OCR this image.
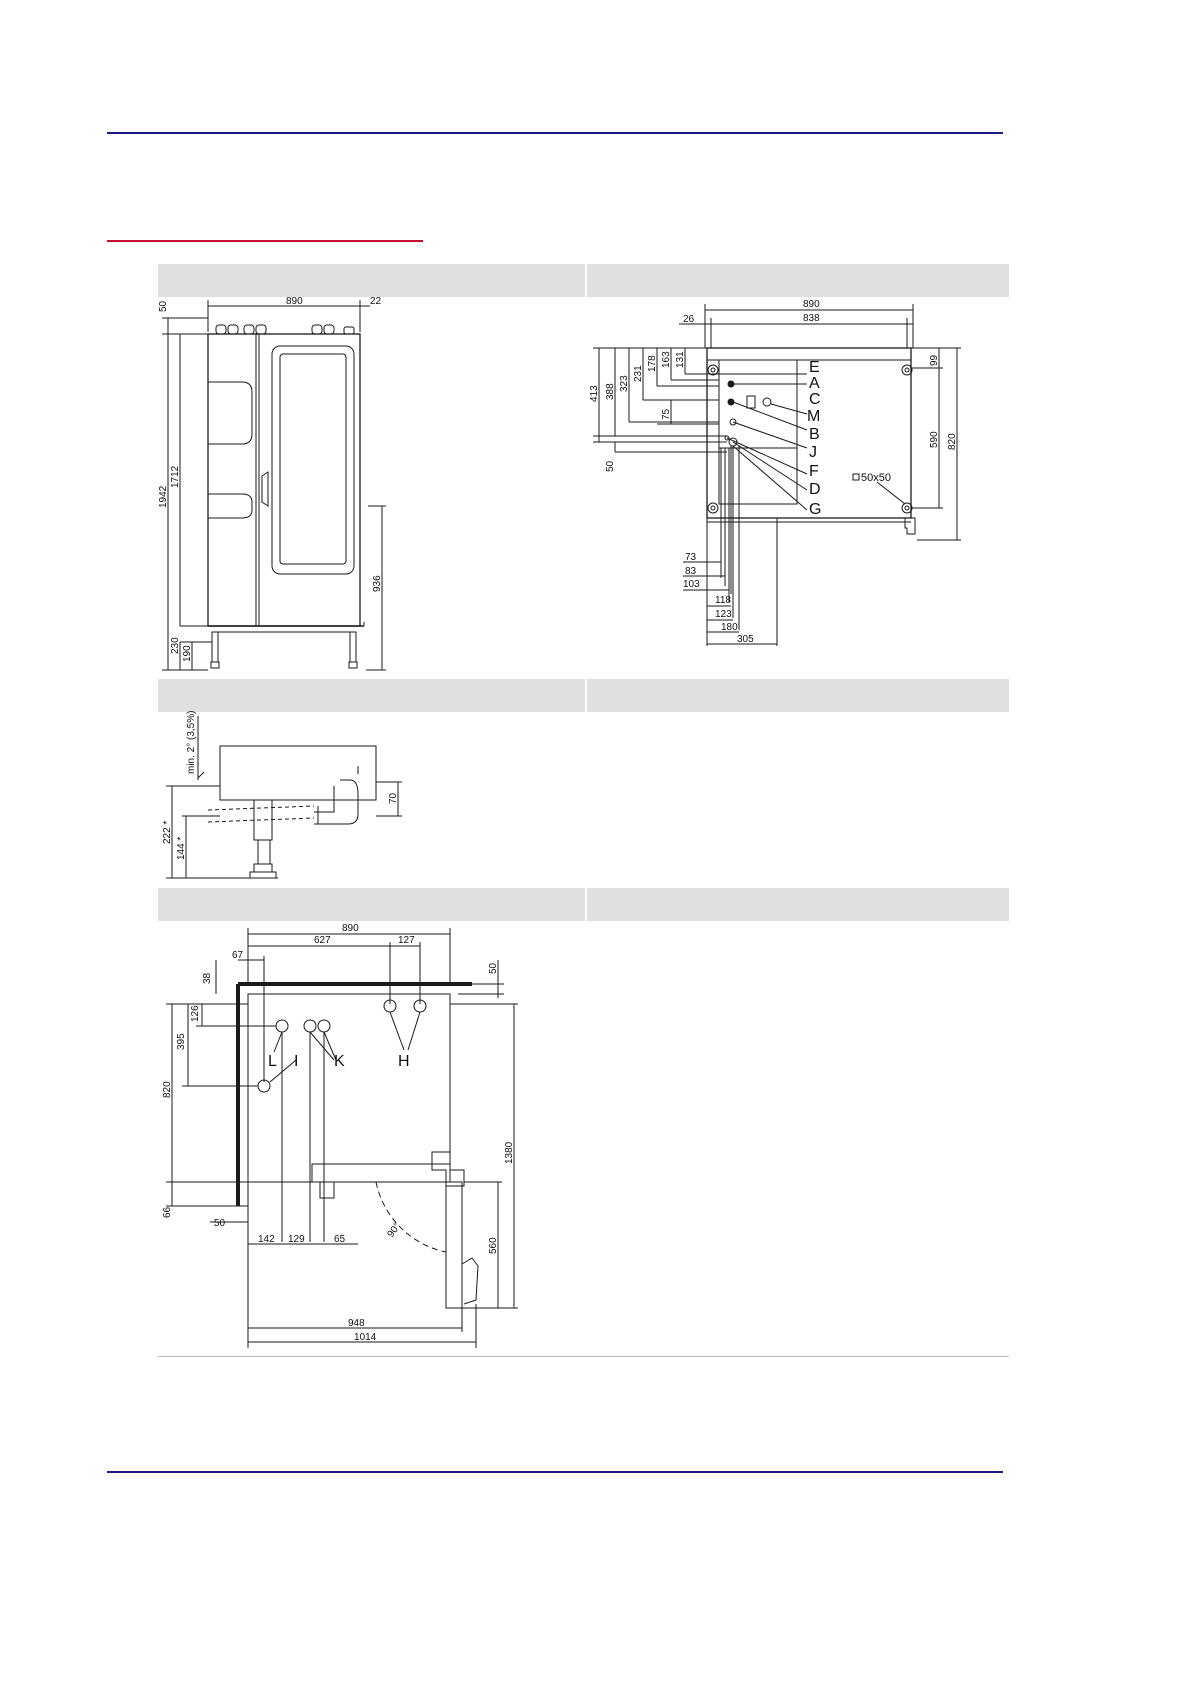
890	22
50
1942
1712
936
230 190
890
838
26
413 388 323
231
178 163 131
75
50
99
590 820
E
A
C
M
B
J
F
D
G
50x50
73
83
103
118
123
180
305
min. 2° (3,5%)
70
222 *
144 *
890
627	127
67
38
50
126
395
820
66
50
142 129	65
1380
560
948
1014
90°
L I K	H
